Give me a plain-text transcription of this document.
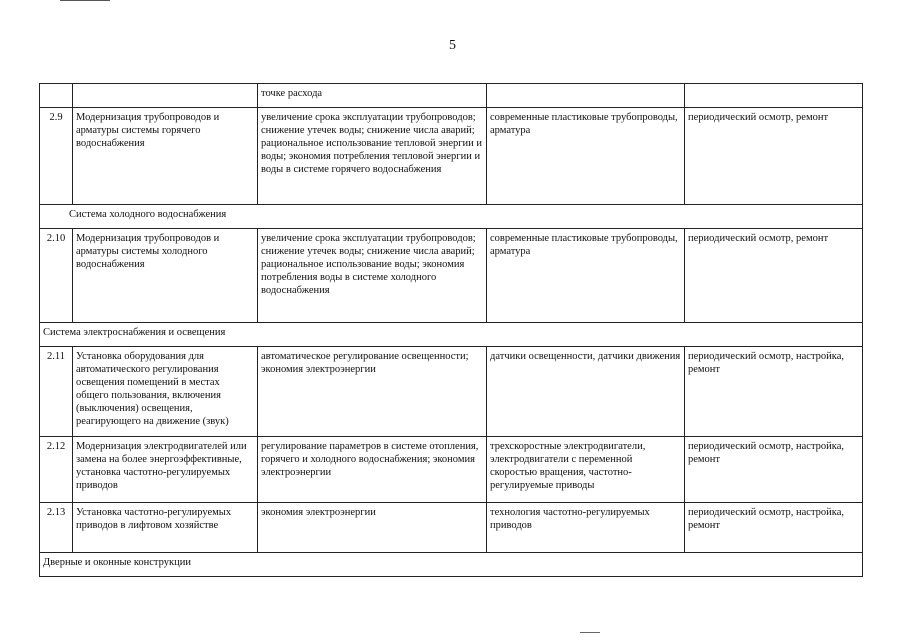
5
		точке расхода		
2.9	Модернизация трубопроводов и арматуры системы горячего водоснабжения	увеличение срока эксплуатации трубопроводов; снижение утечек воды; снижение числа аварий; рациональное использование тепловой энергии и воды; экономия потребления тепловой энергии и воды в системе горячего водоснабжения	современные пластиковые трубопроводы, арматура	периодический осмотр, ремонт
Система холодного водоснабжения				
2.10	Модернизация трубопроводов и арматуры системы холодного водоснабжения	увеличение срока эксплуатации трубопроводов; снижение утечек воды; снижение числа аварий; рациональное использование воды; экономия потребления воды в системе холодного водоснабжения	современные пластиковые трубопроводы, арматура	периодический осмотр, ремонт
Система электроснабжения и освещения				
2.11	Установка оборудования для автоматического регулирования освещения помещений в местах общего пользования, включения (выключения) освещения, реагирующего на движение (звук)	автоматическое регулирование освещенности; экономия электроэнергии	датчики освещенности, датчики движения	периодический осмотр, настройка, ремонт
2.12	Модернизация электродвигателей или замена на более энергоэффективные, установка частотно-регулируемых приводов	регулирование параметров в системе отопления, горячего и холодного водоснабжения; экономия электроэнергии	трехскоростные электродвигатели, электродвигатели с переменной скоростью вращения, частотно-регулируемые приводы	периодический осмотр, настройка, ремонт
2.13	Установка частотно-регулируемых приводов в лифтовом хозяйстве	экономия электроэнергии	технология частотно-регулируемых приводов	периодический осмотр, настройка, ремонт
Дверные и оконные конструкции				
